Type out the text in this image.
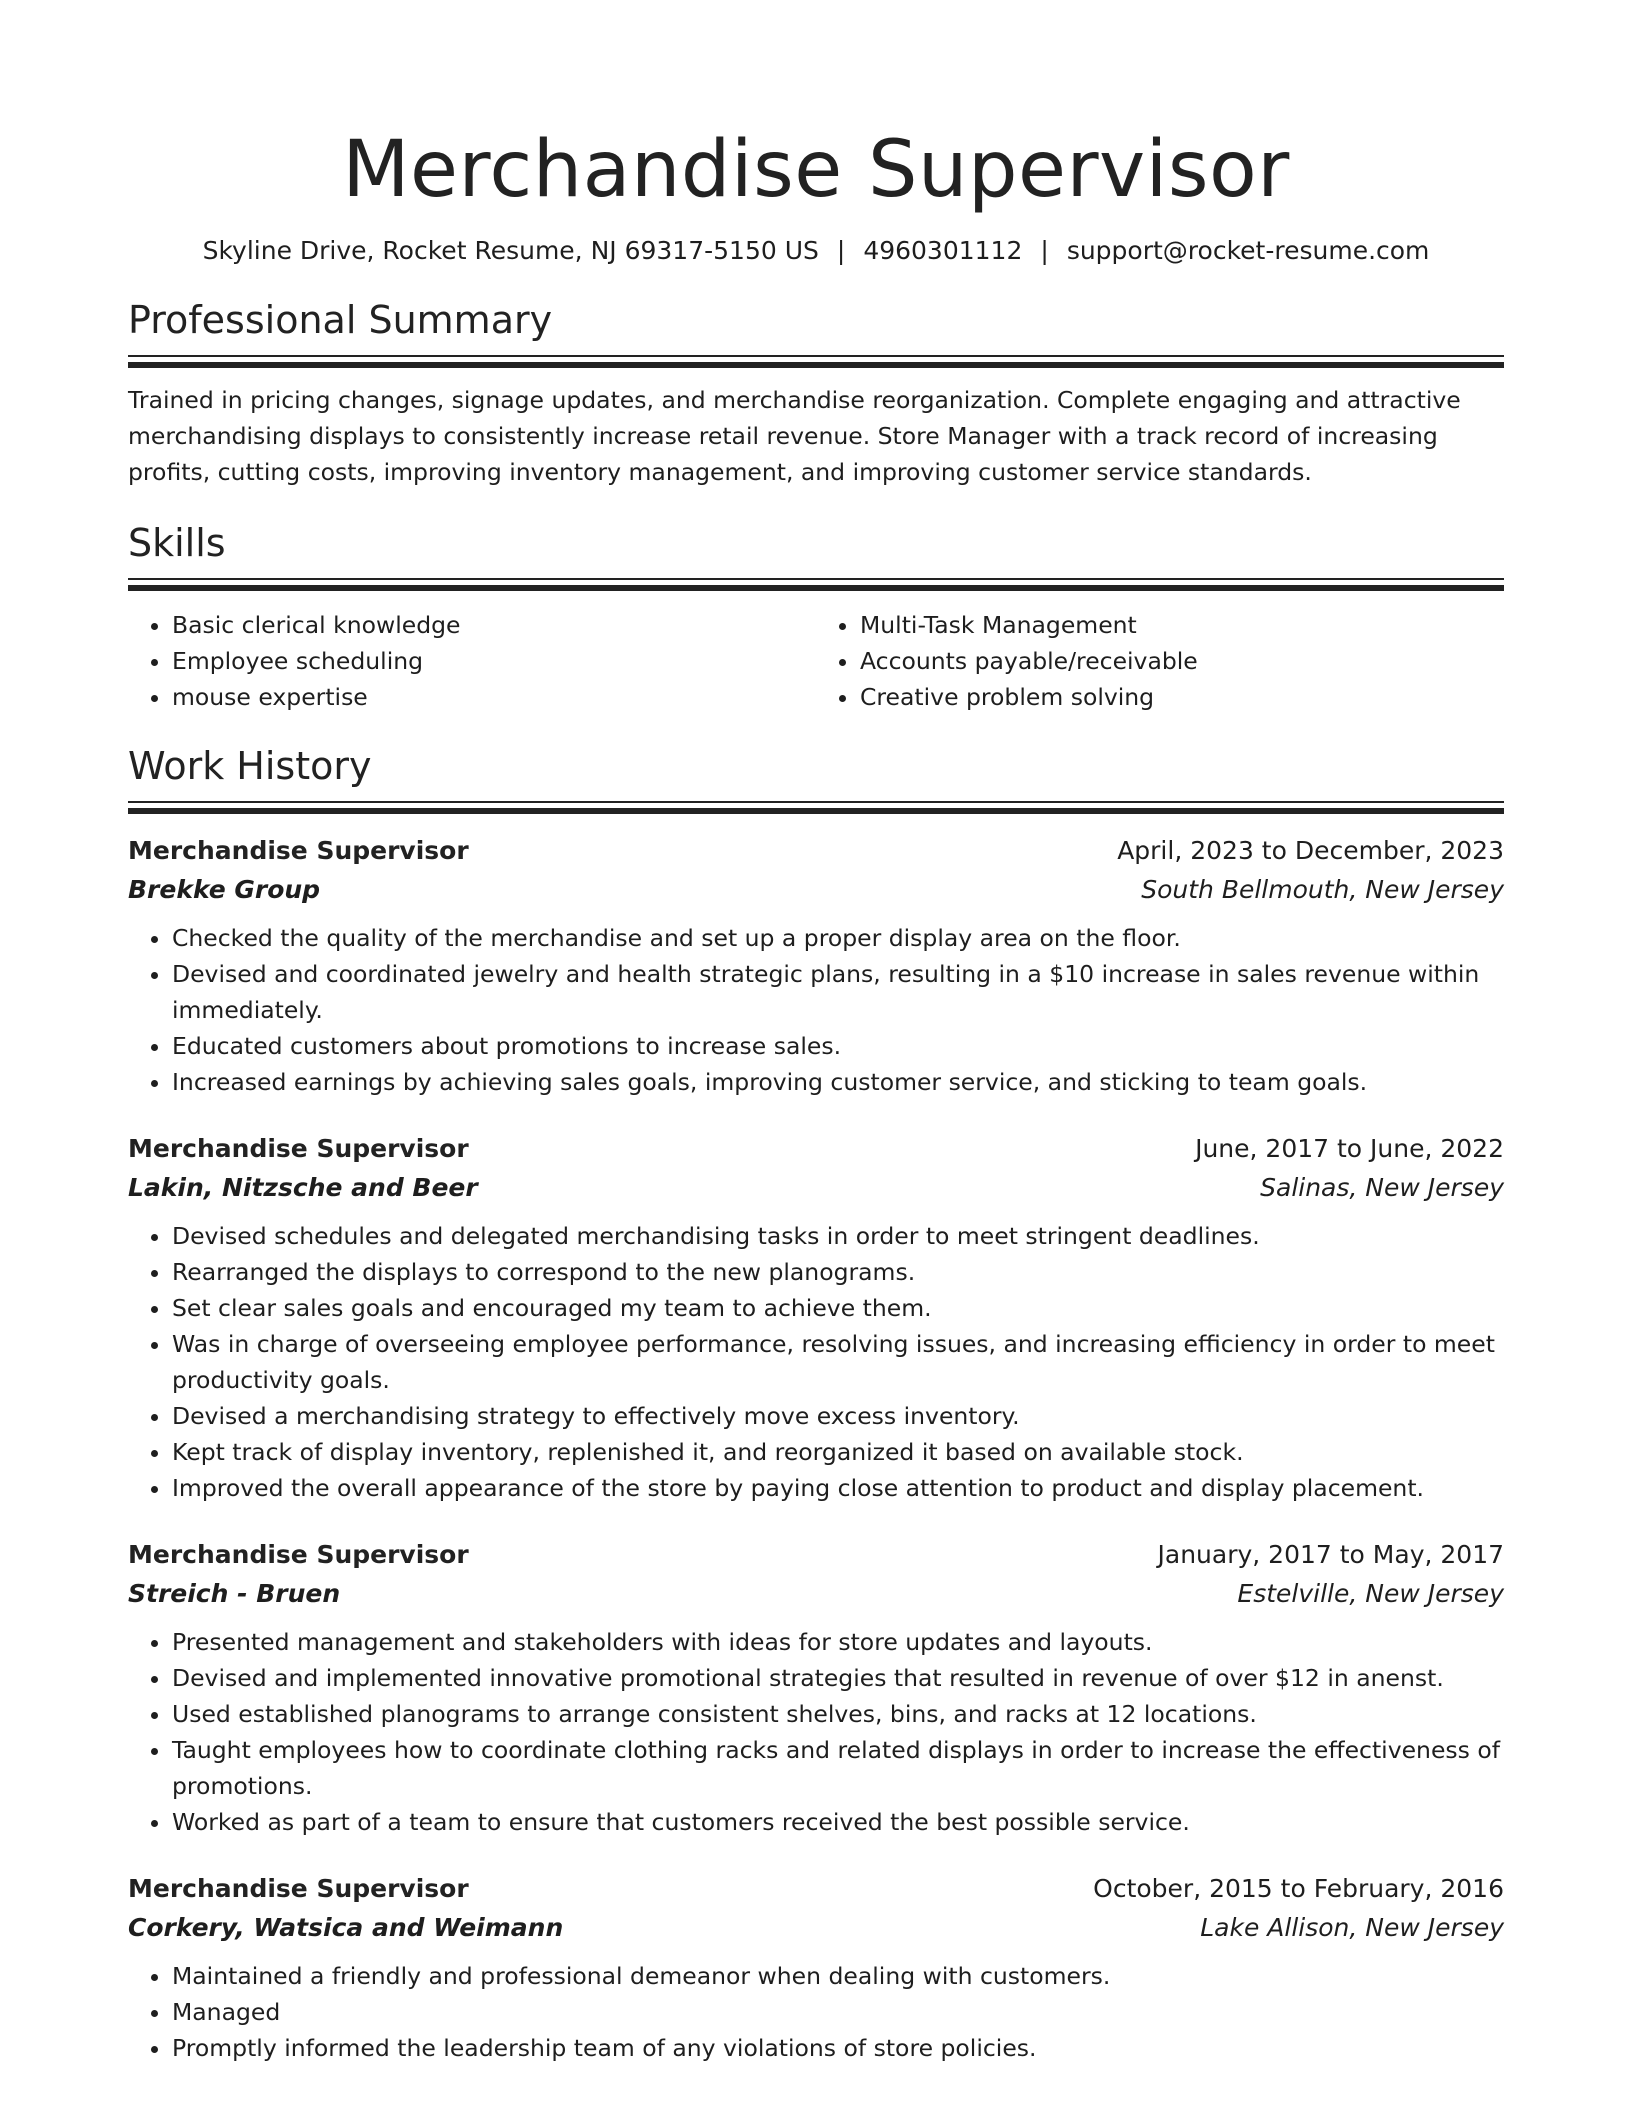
Merchandise Supervisor
Skyline Drive, Rocket Resume, NJ 69317-5150 US | 4960301112 | support@rocket-resume.com
Professional Summary
Trained in pricing changes, signage updates, and merchandise reorganization. Complete engaging and attractive merchandising displays to consistently increase retail revenue. Store Manager with a track record of increasing profits, cutting costs, improving inventory management, and improving customer service standards.
Skills
• Basic clerical knowledge
• Employee scheduling
• mouse expertise
• Multi-Task Management
• Accounts payable/receivable
• Creative problem solving
Work History
Merchandise Supervisor	April, 2023 to December, 2023
Brekke Group	South Bellmouth, New Jersey
• Checked the quality of the merchandise and set up a proper display area on the floor.
• Devised and coordinated jewelry and health strategic plans, resulting in a $10 increase in sales revenue within immediately.
• Educated customers about promotions to increase sales.
• Increased earnings by achieving sales goals, improving customer service, and sticking to team goals.
Merchandise Supervisor	June, 2017 to June, 2022
Lakin, Nitzsche and Beer	Salinas, New Jersey
• Devised schedules and delegated merchandising tasks in order to meet stringent deadlines.
• Rearranged the displays to correspond to the new planograms.
• Set clear sales goals and encouraged my team to achieve them.
• Was in charge of overseeing employee performance, resolving issues, and increasing efficiency in order to meet productivity goals.
• Devised a merchandising strategy to effectively move excess inventory.
• Kept track of display inventory, replenished it, and reorganized it based on available stock.
• Improved the overall appearance of the store by paying close attention to product and display placement.
Merchandise Supervisor	January, 2017 to May, 2017
Streich - Bruen	Estelville, New Jersey
• Presented management and stakeholders with ideas for store updates and layouts.
• Devised and implemented innovative promotional strategies that resulted in revenue of over $12 in anenst.
• Used established planograms to arrange consistent shelves, bins, and racks at 12 locations.
• Taught employees how to coordinate clothing racks and related displays in order to increase the effectiveness of promotions.
• Worked as part of a team to ensure that customers received the best possible service.
Merchandise Supervisor	October, 2015 to February, 2016
Corkery, Watsica and Weimann	Lake Allison, New Jersey
• Maintained a friendly and professional demeanor when dealing with customers.
• Managed
• Promptly informed the leadership team of any violations of store policies.
